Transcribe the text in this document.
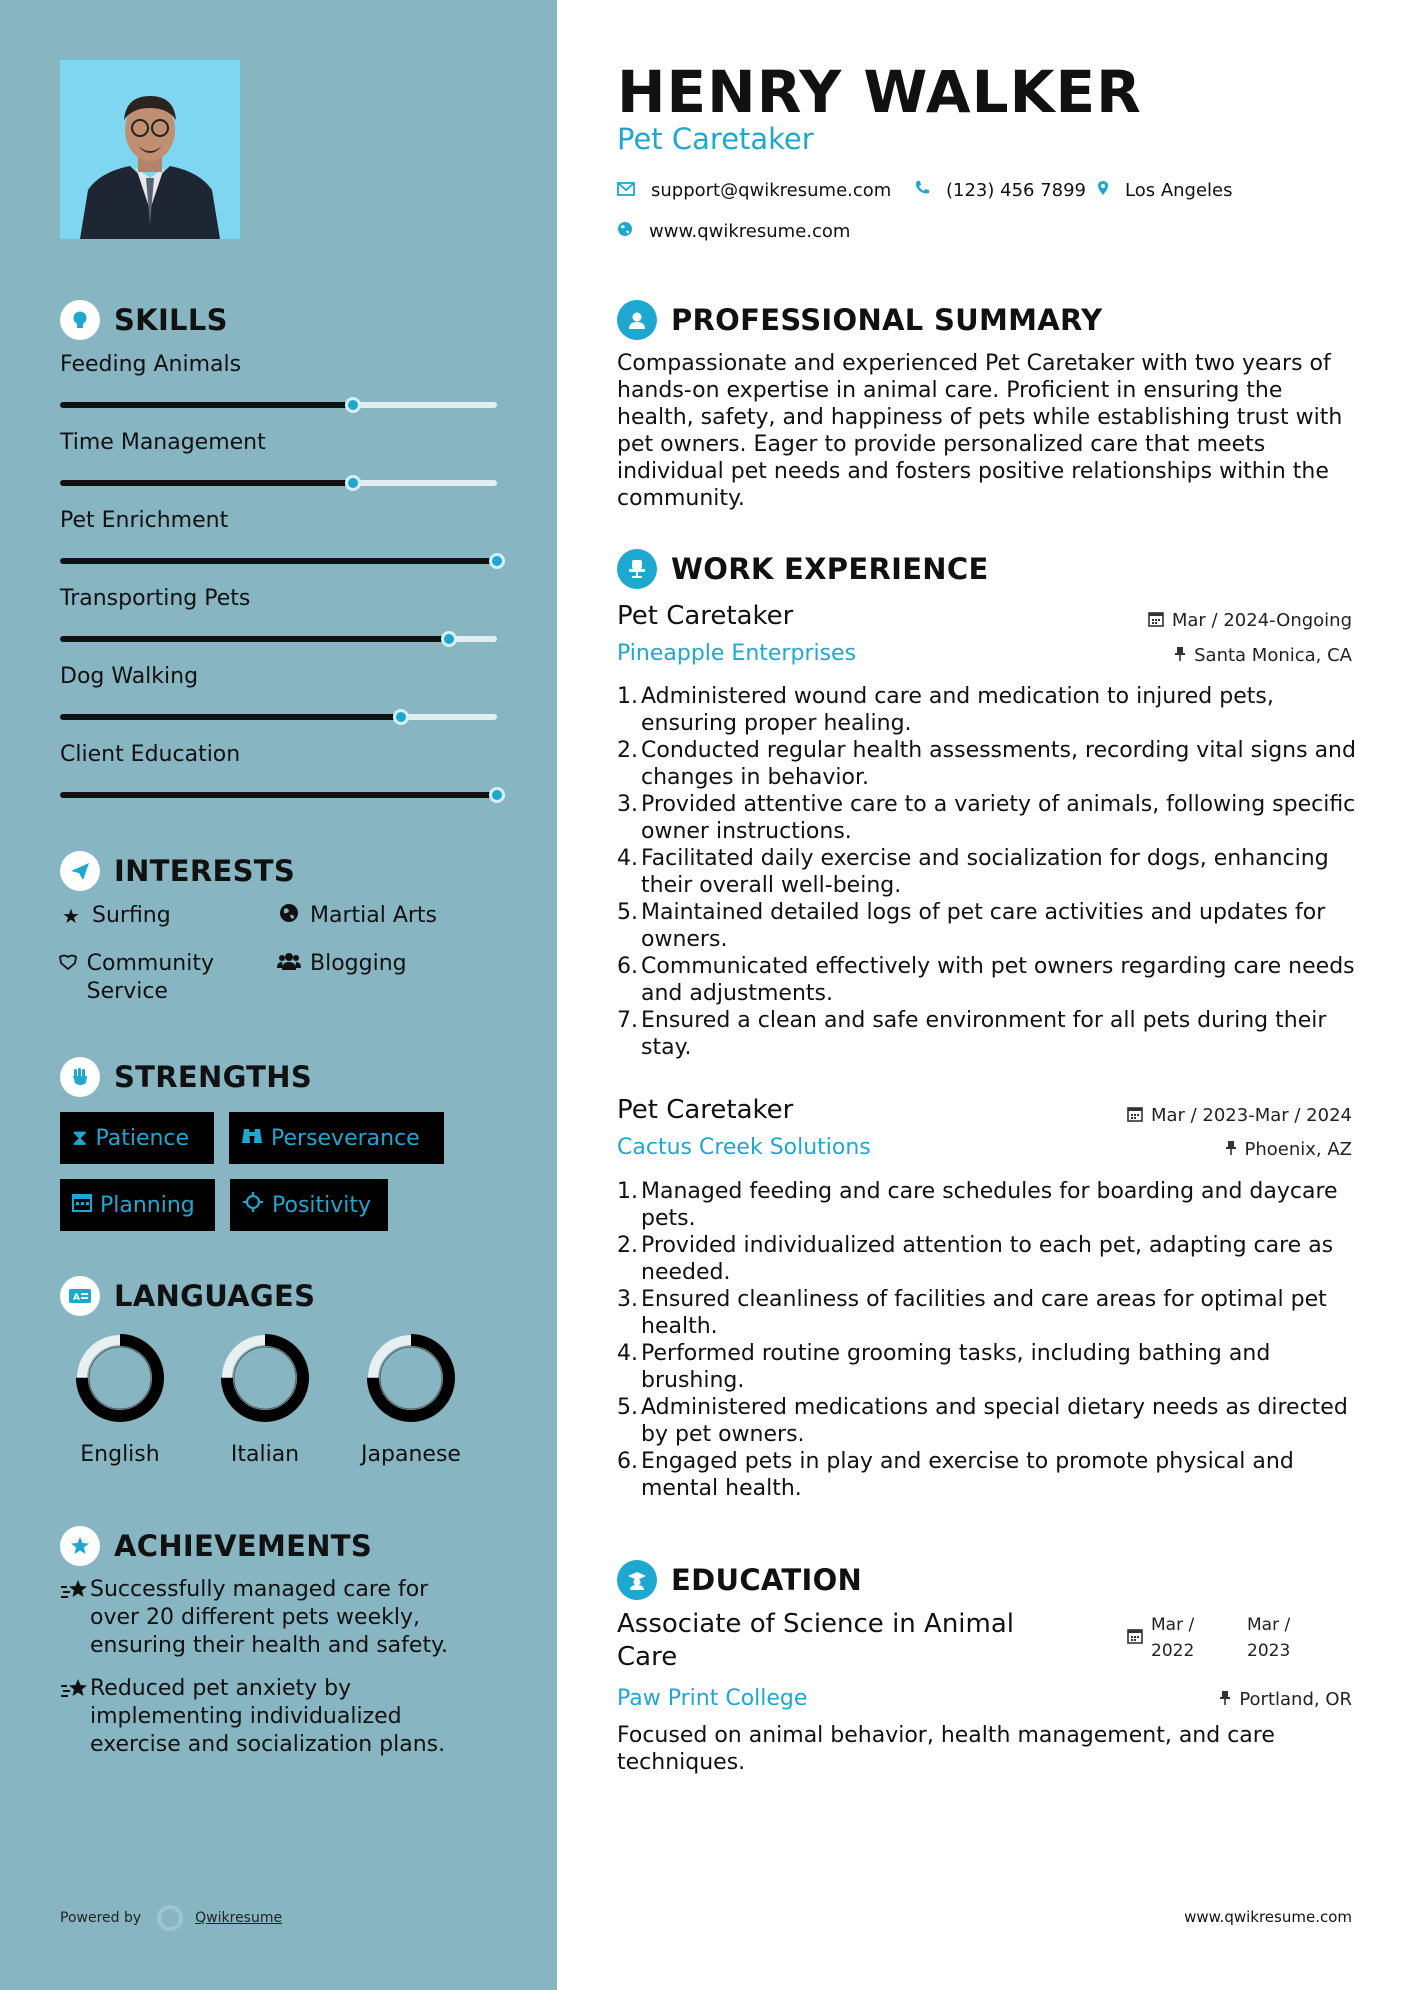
SKILLS
Feeding Animals
Time Management
Pet Enrichment
Transporting Pets
Dog Walking
Client Education
INTERESTS
★ Surfing	Martial Arts
Community Service
Blogging
STRENGTHS
⧗ Patience	Perseverance
Planning	Positivity
A LANGUAGES
English	Italian	Japanese
ACHIEVEMENTS
Successfully managed care for over 20 different pets weekly, ensuring their health and safety.
Reduced pet anxiety by implementing individualized exercise and socialization plans.
Powered by	Qwikresume
HENRY WALKER
Pet Caretaker
support@qwikresume.com	(123) 456 7899 Los Angeles
www.qwikresume.com
PROFESSIONAL SUMMARY
Compassionate and experienced Pet Caretaker with two years of hands-on expertise in animal care. Proficient in ensuring the health, safety, and happiness of pets while establishing trust with pet owners. Eager to provide personalized care that meets individual pet needs and fosters positive relationships within the community.
WORK EXPERIENCE
Pet Caretaker
Pineapple Enterprises
Mar / 2024-Ongoing
Santa Monica, CA
1. Administered wound care and medication to injured pets, ensuring proper healing.
2. Conducted regular health assessments, recording vital signs and changes in behavior.
3. Provided attentive care to a variety of animals, following specific owner instructions.
4. Facilitated daily exercise and socialization for dogs, enhancing their overall well-being.
5. Maintained detailed logs of pet care activities and updates for owners.
6. Communicated effectively with pet owners regarding care needs and adjustments.
7. Ensured a clean and safe environment for all pets during their stay.
Pet Caretaker
Cactus Creek Solutions
Mar / 2023-Mar / 2024
Phoenix, AZ
1. Managed feeding and care schedules for boarding and daycare pets.
2. Provided individualized attention to each pet, adapting care as needed.
3. Ensured cleanliness of facilities and care areas for optimal pet health.
4. Performed routine grooming tasks, including bathing and brushing.
5. Administered medications and special dietary needs as directed by pet owners.
6. Engaged pets in play and exercise to promote physical and mental health.
EDUCATION
Associate of Science in Animal Care
Mar / 2022
Mar / 2023
Paw Print College	Portland, OR
Focused on animal behavior, health management, and care techniques.
www.qwikresume.com
